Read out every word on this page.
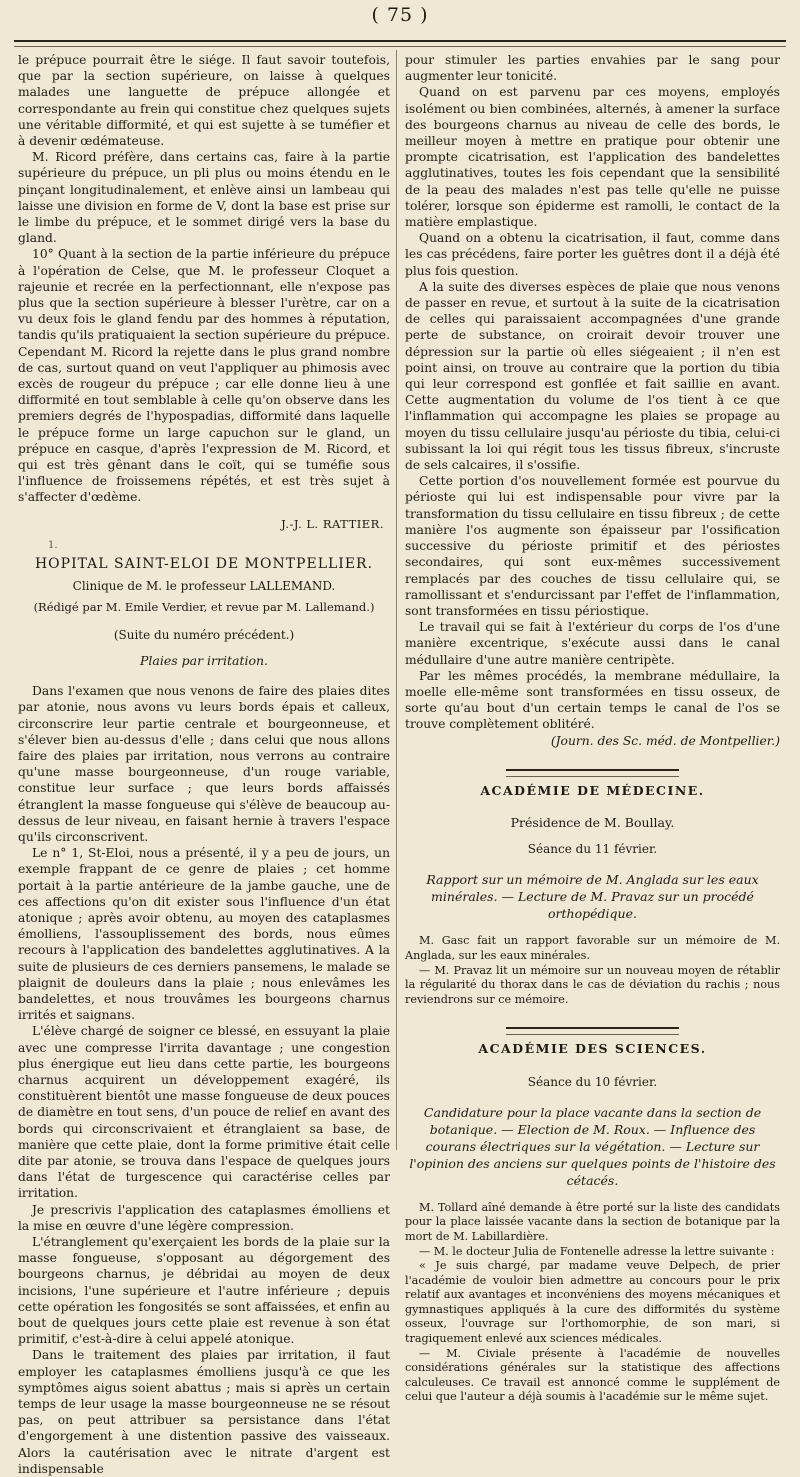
( 75 )

le prépuce pourrait être le siége. Il faut savoir toutefois, que par la section supérieure, on laisse à quelques malades une languette de prépuce allongée et correspondante au frein qui constitue chez quelques sujets une véritable difformité, et qui est sujette à se tuméfier et à devenir œdémateuse.

M. Ricord préfère, dans certains cas, faire à la partie supérieure du prépuce, un pli plus ou moins étendu en le pinçant longitudinalement, et enlève ainsi un lambeau qui laisse une division en forme de V, dont la base est prise sur le limbe du prépuce, et le sommet dirigé vers la base du gland.

10° Quant à la section de la partie inférieure du prépuce à l'opération de Celse, que M. le professeur Cloquet a rajeunie et recrée en la perfectionnant, elle n'expose pas plus que la section supérieure à blesser l'urètre, car on a vu deux fois le gland fendu par des hommes à réputation, tandis qu'ils pratiquaient la section supérieure du prépuce. Cependant M. Ricord la rejette dans le plus grand nombre de cas, surtout quand on veut l'appliquer au phimosis avec excès de rougeur du prépuce ; car elle donne lieu à une difformité en tout semblable à celle qu'on observe dans les premiers degrés de l'hypospadias, difformité dans laquelle le prépuce forme un large capuchon sur le gland, un prépuce en casque, d'après l'expression de M. Ricord, et qui est très gênant dans le coït, qui se tuméfie sous l'influence de froissemens répétés, et est très sujet à s'affecter d'œdème.

J.-J. L. RATTIER.
1.
HOPITAL SAINT-ELOI DE MONTPELLIER.
Clinique de M. le professeur LALLEMAND.
(Rédigé par M. Emile Verdier, et revue par M. Lallemand.)
(Suite du numéro précédent.)
Plaies par irritation.

Dans l'examen que nous venons de faire des plaies dites par atonie, nous avons vu leurs bords épais et calleux, circonscrire leur partie centrale et bourgeonneuse, et s'élever bien au-dessus d'elle ; dans celui que nous allons faire des plaies par irritation, nous verrons au contraire qu'une masse bourgeonneuse, d'un rouge variable, constitue leur surface ; que leurs bords affaissés étranglent la masse fongueuse qui s'élève de beaucoup au-dessus de leur niveau, en faisant hernie à travers l'espace qu'ils circonscrivent.

Le n° 1, St-Eloi, nous a présenté, il y a peu de jours, un exemple frappant de ce genre de plaies ; cet homme portait à la partie antérieure de la jambe gauche, une de ces affections qu'on dit exister sous l'influence d'un état atonique ; après avoir obtenu, au moyen des cataplasmes émolliens, l'assouplissement des bords, nous eûmes recours à l'application des bandelettes agglutinatives. A la suite de plusieurs de ces derniers pansemens, le malade se plaignit de douleurs dans la plaie ; nous enlevâmes les bandelettes, et nous trouvâmes les bourgeons charnus irrités et saignans.

L'élève chargé de soigner ce blessé, en essuyant la plaie avec une compresse l'irrita davantage ; une congestion plus énergique eut lieu dans cette partie, les bourgeons charnus acquirent un développement exagéré, ils constituèrent bientôt une masse fongueuse de deux pouces de diamètre en tout sens, d'un pouce de relief en avant des bords qui circonscrivaient et étranglaient sa base, de manière que cette plaie, dont la forme primitive était celle dite par atonie, se trouva dans l'espace de quelques jours dans l'état de turgescence qui caractérise celles par irritation.

Je prescrivis l'application des cataplasmes émolliens et la mise en œuvre d'une légère compression.

L'étranglement qu'exerçaient les bords de la plaie sur la masse fongueuse, s'opposant au dégorgement des bourgeons charnus, je débridai au moyen de deux incisions, l'une supérieure et l'autre inférieure ; depuis cette opération les fongosités se sont affaissées, et enfin au bout de quelques jours cette plaie est revenue à son état primitif, c'est-à-dire à celui appelé atonique.

Dans le traitement des plaies par irritation, il faut employer les cataplasmes émolliens jusqu'à ce que les symptômes aigus soient abattus ; mais si après un certain temps de leur usage la masse bourgeonneuse ne se résout pas, on peut attribuer sa persistance dans l'état d'engorgement à une distention passive des vaisseaux. Alors la cautérisation avec le nitrate d'argent est indispensable

pour stimuler les parties envahies par le sang pour augmenter leur tonicité.

Quand on est parvenu par ces moyens, employés isolément ou bien combinées, alternés, à amener la surface des bourgeons charnus au niveau de celle des bords, le meilleur moyen à mettre en pratique pour obtenir une prompte cicatrisation, est l'application des bandelettes agglutinatives, toutes les fois cependant que la sensibilité de la peau des malades n'est pas telle qu'elle ne puisse tolérer, lorsque son épiderme est ramolli, le contact de la matière emplastique.

Quand on a obtenu la cicatrisation, il faut, comme dans les cas précédens, faire porter les guêtres dont il a déjà été plus fois question.

A la suite des diverses espèces de plaie que nous venons de passer en revue, et surtout à la suite de la cicatrisation de celles qui paraissaient accompagnées d'une grande perte de substance, on croirait devoir trouver une dépression sur la partie où elles siégeaient ; il n'en est point ainsi, on trouve au contraire que la portion du tibia qui leur correspond est gonflée et fait saillie en avant. Cette augmentation du volume de l'os tient à ce que l'inflammation qui accompagne les plaies se propage au moyen du tissu cellulaire jusqu'au périoste du tibia, celui-ci subissant la loi qui régit tous les tissus fibreux, s'incruste de sels calcaires, il s'ossifie.

Cette portion d'os nouvellement formée est pourvue du périoste qui lui est indispensable pour vivre par la transformation du tissu cellulaire en tissu fibreux ; de cette manière l'os augmente son épaisseur par l'ossification successive du périoste primitif et des périostes secondaires, qui sont eux-mêmes successivement remplacés par des couches de tissu cellulaire qui, se ramollissant et s'endurcissant par l'effet de l'inflammation, sont transformées en tissu périostique.

Le travail qui se fait à l'extérieur du corps de l'os d'une manière excentrique, s'exécute aussi dans le canal médullaire d'une autre manière centripète.

Par les mêmes procédés, la membrane médullaire, la moelle elle-même sont transformées en tissu osseux, de sorte qu'au bout d'un certain temps le canal de l'os se trouve complètement oblitéré.

(Journ. des Sc. méd. de Montpellier.)

ACADÉMIE DE MÉDECINE.
Présidence de M. Boullay.
Séance du 11 février.
Rapport sur un mémoire de M. Anglada sur les eaux minérales. — Lecture de M. Pravaz sur un procédé orthopédique.

M. Gasc fait un rapport favorable sur un mémoire de M. Anglada, sur les eaux minérales.

— M. Pravaz lit un mémoire sur un nouveau moyen de rétablir la régularité du thorax dans le cas de déviation du rachis ; nous reviendrons sur ce mémoire.

ACADÉMIE DES SCIENCES.
Séance du 10 février.
Candidature pour la place vacante dans la section de botanique. — Election de M. Roux. — Influence des courans électriques sur la végétation. — Lecture sur l'opinion des anciens sur quelques points de l'histoire des cétacés.

M. Tollard aîné demande à être porté sur la liste des candidats pour la place laissée vacante dans la section de botanique par la mort de M. Labillardière.

— M. le docteur Julia de Fontenelle adresse la lettre suivante :

« Je suis chargé, par madame veuve Delpech, de prier l'académie de vouloir bien admettre au concours pour le prix relatif aux avantages et inconvéniens des moyens mécaniques et gymnastiques appliqués à la cure des difformités du système osseux, l'ouvrage sur l'orthomorphie, de son mari, si tragiquement enlevé aux sciences médicales.

— M. Civiale présente à l'académie de nouvelles considérations générales sur la statistique des affections calculeuses. Ce travail est annoncé comme le supplément de celui que l'auteur a déjà soumis à l'académie sur le même sujet.
